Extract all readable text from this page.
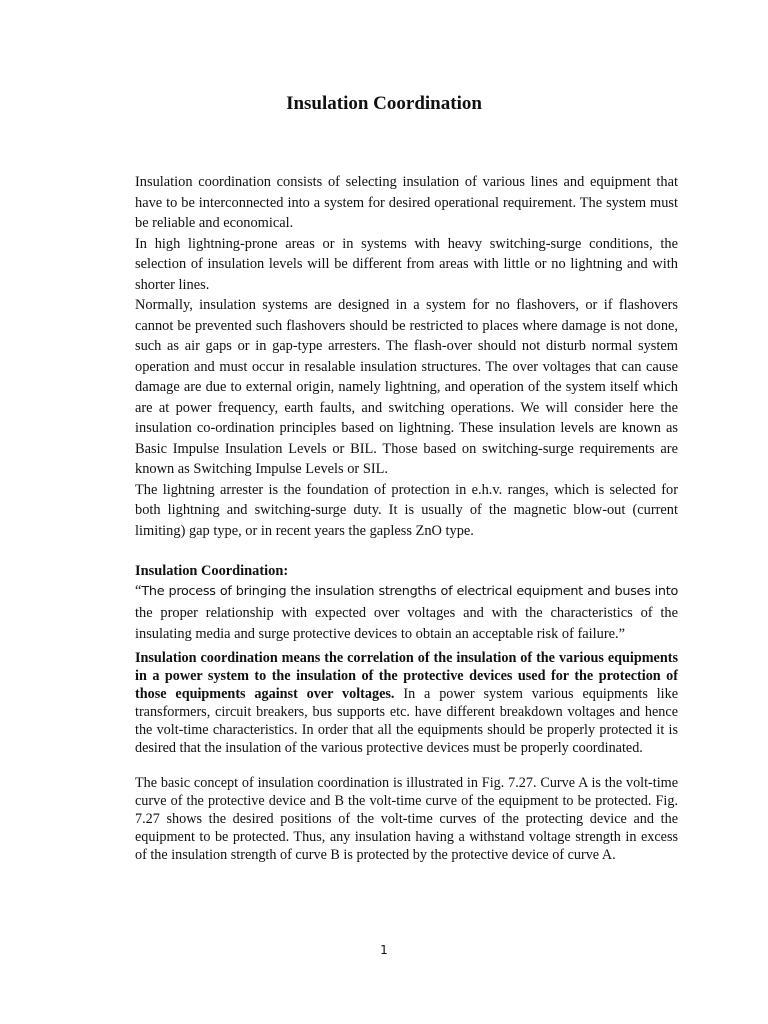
Insulation Coordination

Insulation coordination consists of selecting insulation of various lines and equipment that have to be interconnected into a system for desired operational requirement. The system must be reliable and economical.

In high lightning-prone areas or in systems with heavy switching-surge conditions, the selection of insulation levels will be different from areas with little or no lightning and with shorter lines.

Normally, insulation systems are designed in a system for no flashovers, or if flashovers cannot be prevented such flashovers should be restricted to places where damage is not done, such as air gaps or in gap-type arresters. The flash-over should not disturb normal system operation and must occur in resalable insulation structures. The over voltages that can cause damage are due to external origin, namely lightning, and operation of the system itself which are at power frequency, earth faults, and switching operations. We will consider here the insulation co-ordination principles based on lightning. These insulation levels are known as Basic Impulse Insulation Levels or BIL. Those based on switching-surge requirements are known as Switching Impulse Levels or SIL.

The lightning arrester is the foundation of protection in e.h.v. ranges, which is selected for both lightning and switching-surge duty. It is usually of the magnetic blow-out (current limiting) gap type, or in recent years the gapless ZnO type.

Insulation Coordination:

“The process of bringing the insulation strengths of electrical equipment and buses into the proper relationship with expected over voltages and with the characteristics of the insulating media and surge protective devices to obtain an acceptable risk of failure.”

Insulation coordination means the correlation of the insulation of the various equipments in a power system to the insulation of the protective devices used for the protection of those equipments against over voltages. In a power system various equipments like transformers, circuit breakers, bus supports etc. have different breakdown voltages and hence the volt-time characteristics. In order that all the equipments should be properly protected it is desired that the insulation of the various protective devices must be properly coordinated.

The basic concept of insulation coordination is illustrated in Fig. 7.27. Curve A is the volt-time curve of the protective device and B the volt-time curve of the equipment to be protected. Fig. 7.27 shows the desired positions of the volt-time curves of the protecting device and the equipment to be protected. Thus, any insulation having a withstand voltage strength in excess of the insulation strength of curve B is protected by the protective device of curve A.

1
